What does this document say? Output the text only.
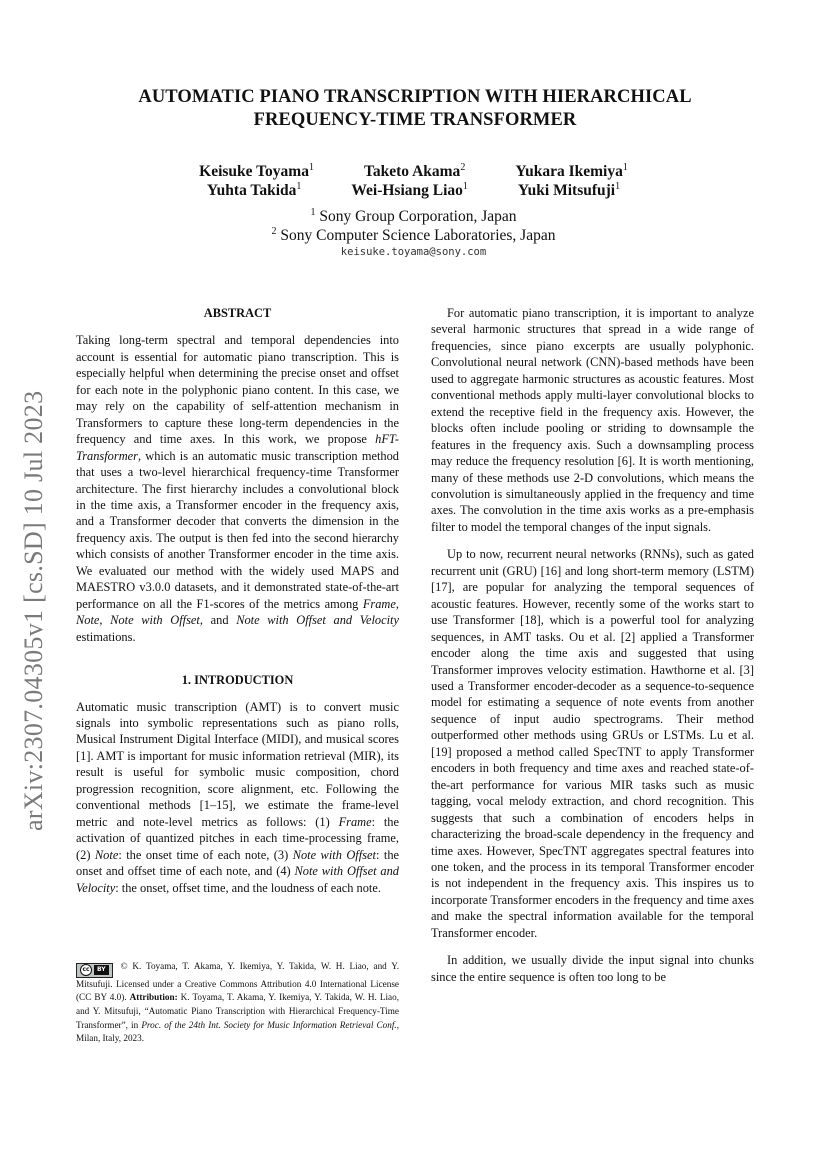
AUTOMATIC PIANO TRANSCRIPTION WITH HIERARCHICAL
FREQUENCY-TIME TRANSFORMER
Keisuke Toyama$^1$	Taketo Akama$^2$	Yukara Ikemiya$^1$
Yuhta Takida$^1$	Wei-Hsiang Liao$^1$	Yuki Mitsufuji$^1$
$^1$ Sony Group Corporation, Japan
$^2$ Sony Computer Science Laboratories, Japan
keisuke.toyama@sony.com
arXiv:2307.04305v1 [cs.SD] 10 Jul 2023

ABSTRACT

Taking long-term spectral and temporal dependencies into account is essential for automatic piano transcription. This is especially helpful when determining the precise onset and offset for each note in the polyphonic piano content. In this case, we may rely on the capability of self-attention mechanism in Transformers to capture these long-term dependencies in the frequency and time axes. In this work, we propose hFT-Transformer, which is an automatic music transcription method that uses a two-level hierarchical frequency-time Transformer architecture. The first hierarchy includes a convolutional block in the time axis, a Transformer encoder in the frequency axis, and a Transformer decoder that converts the dimension in the frequency axis. The output is then fed into the second hierarchy which consists of another Transformer encoder in the time axis. We evaluated our method with the widely used MAPS and MAESTRO v3.0.0 datasets, and it demonstrated state-of-the-art performance on all the F1-scores of the metrics among Frame, Note, Note with Offset, and Note with Offset and Velocity estimations.

1. INTRODUCTION

Automatic music transcription (AMT) is to convert music signals into symbolic representations such as piano rolls, Musical Instrument Digital Interface (MIDI), and musical scores [1]. AMT is important for music information retrieval (MIR), its result is useful for symbolic music composition, chord progression recognition, score alignment, etc. Following the conventional methods [1–15], we estimate the frame-level metric and note-level metrics as follows: (1) Frame: the activation of quantized pitches in each time-processing frame, (2) Note: the onset time of each note, (3) Note with Offset: the onset and offset time of each note, and (4) Note with Offset and Velocity: the onset, offset time, and the loudness of each note.

cc	BY	© K. Toyama, T. Akama, Y. Ikemiya, Y. Takida, W. H. Liao, and Y. Mitsufuji. Licensed under a Creative Commons Attribution 4.0 International License (CC BY 4.0). Attribution: K. Toyama, T. Akama, Y. Ikemiya, Y. Takida, W. H. Liao, and Y. Mitsufuji, “Automatic Piano Transcription with Hierarchical Frequency-Time Transformer”, in Proc. of the 24th Int. Society for Music Information Retrieval Conf., Milan, Italy, 2023.

For automatic piano transcription, it is important to analyze several harmonic structures that spread in a wide range of frequencies, since piano excerpts are usually polyphonic. Convolutional neural network (CNN)-based methods have been used to aggregate harmonic structures as acoustic features. Most conventional methods apply multi-layer convolutional blocks to extend the receptive field in the frequency axis. However, the blocks often include pooling or striding to downsample the features in the frequency axis. Such a downsampling process may reduce the frequency resolution [6]. It is worth mentioning, many of these methods use 2-D convolutions, which means the convolution is simultaneously applied in the frequency and time axes. The convolution in the time axis works as a pre-emphasis filter to model the temporal changes of the input signals.

Up to now, recurrent neural networks (RNNs), such as gated recurrent unit (GRU) [16] and long short-term memory (LSTM) [17], are popular for analyzing the temporal sequences of acoustic features. However, recently some of the works start to use Transformer [18], which is a powerful tool for analyzing sequences, in AMT tasks. Ou et al. [2] applied a Transformer encoder along the time axis and suggested that using Transformer improves velocity estimation. Hawthorne et al. [3] used a Transformer encoder-decoder as a sequence-to-sequence model for estimating a sequence of note events from another sequence of input audio spectrograms. Their method outperformed other methods using GRUs or LSTMs. Lu et al. [19] proposed a method called SpecTNT to apply Transformer encoders in both frequency and time axes and reached state-of-the-art performance for various MIR tasks such as music tagging, vocal melody extraction, and chord recognition. This suggests that such a combination of encoders helps in characterizing the broad-scale dependency in the frequency and time axes. However, SpecTNT aggregates spectral features into one token, and the process in its temporal Transformer encoder is not independent in the frequency axis. This inspires us to incorporate Transformer encoders in the frequency and time axes and make the spectral information available for the temporal Transformer encoder.

In addition, we usually divide the input signal into chunks since the entire sequence is often too long to be
